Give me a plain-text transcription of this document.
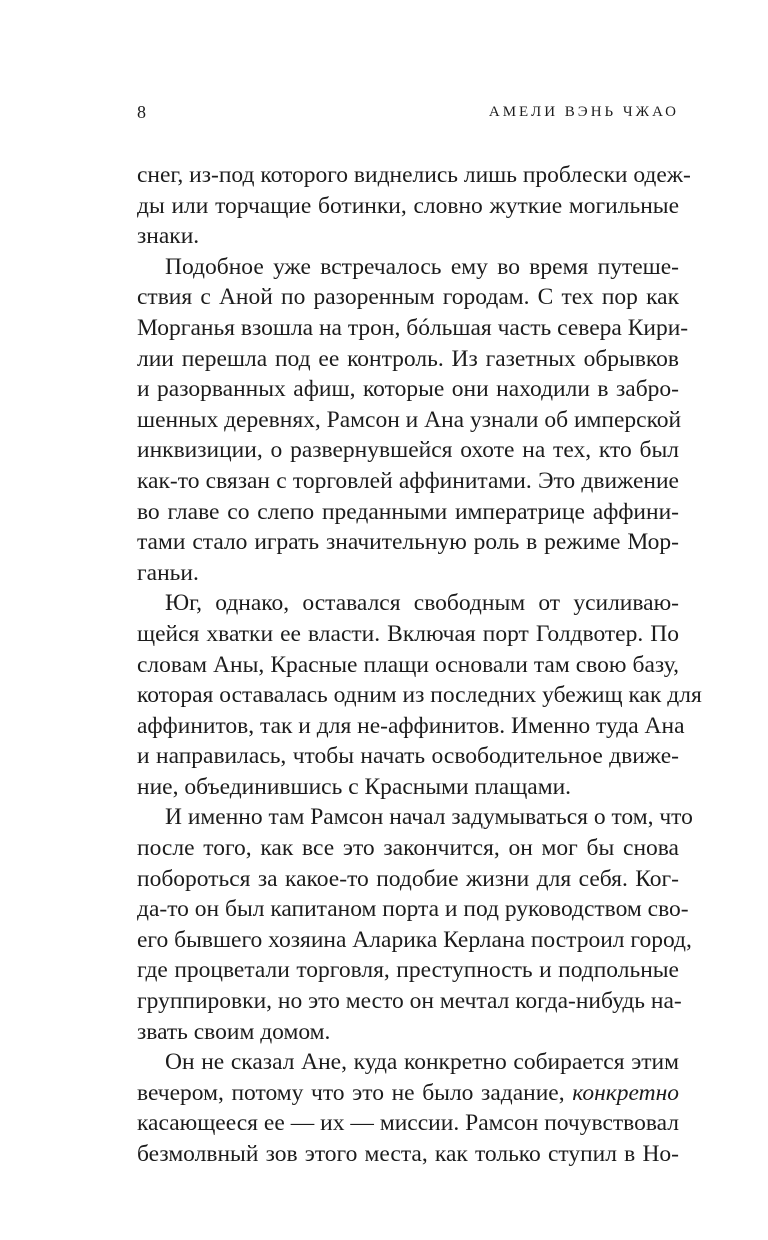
8	АМЕЛИ ВЭНЬ ЧЖАО
снег, из-под которого виднелись лишь проблески одеж-
ды или торчащие ботинки, словно жуткие могильные
знаки.
Подобное уже встречалось ему во время путеше-
ствия с Аной по разоренным городам. С тех пор как
Морганья взошла на трон, бóльшая часть севера Кири-
лии перешла под ее контроль. Из газетных обрывков
и разорванных афиш, которые они находили в забро-
шенных деревнях, Рамсон и Ана узнали об имперской
инквизиции, о развернувшейся охоте на тех, кто был
как-то связан с торговлей аффинитами. Это движение
во главе со слепо преданными императрице аффини-
тами стало играть значительную роль в режиме Мор-
ганьи.
Юг, однако, оставался свободным от усиливаю-
щейся хватки ее власти. Включая порт Голдвотер. По
словам Аны, Красные плащи основали там свою базу,
которая оставалась одним из последних убежищ как для
аффинитов, так и для не-аффинитов. Именно туда Ана
и направилась, чтобы начать освободительное движе-
ние, объединившись с Красными плащами.
И именно там Рамсон начал задумываться о том, что
после того, как все это закончится, он мог бы снова
побороться за какое-то подобие жизни для себя. Ког-
да-то он был капитаном порта и под руководством сво-
его бывшего хозяина Аларика Керлана построил город,
где процветали торговля, преступность и подпольные
группировки, но это место он мечтал когда-нибудь на-
звать своим домом.
Он не сказал Ане, куда конкретно собирается этим
вечером, потому что это не было задание, конкретно
касающееся ее — их — миссии. Рамсон почувствовал
безмолвный зов этого места, как только ступил в Но-
